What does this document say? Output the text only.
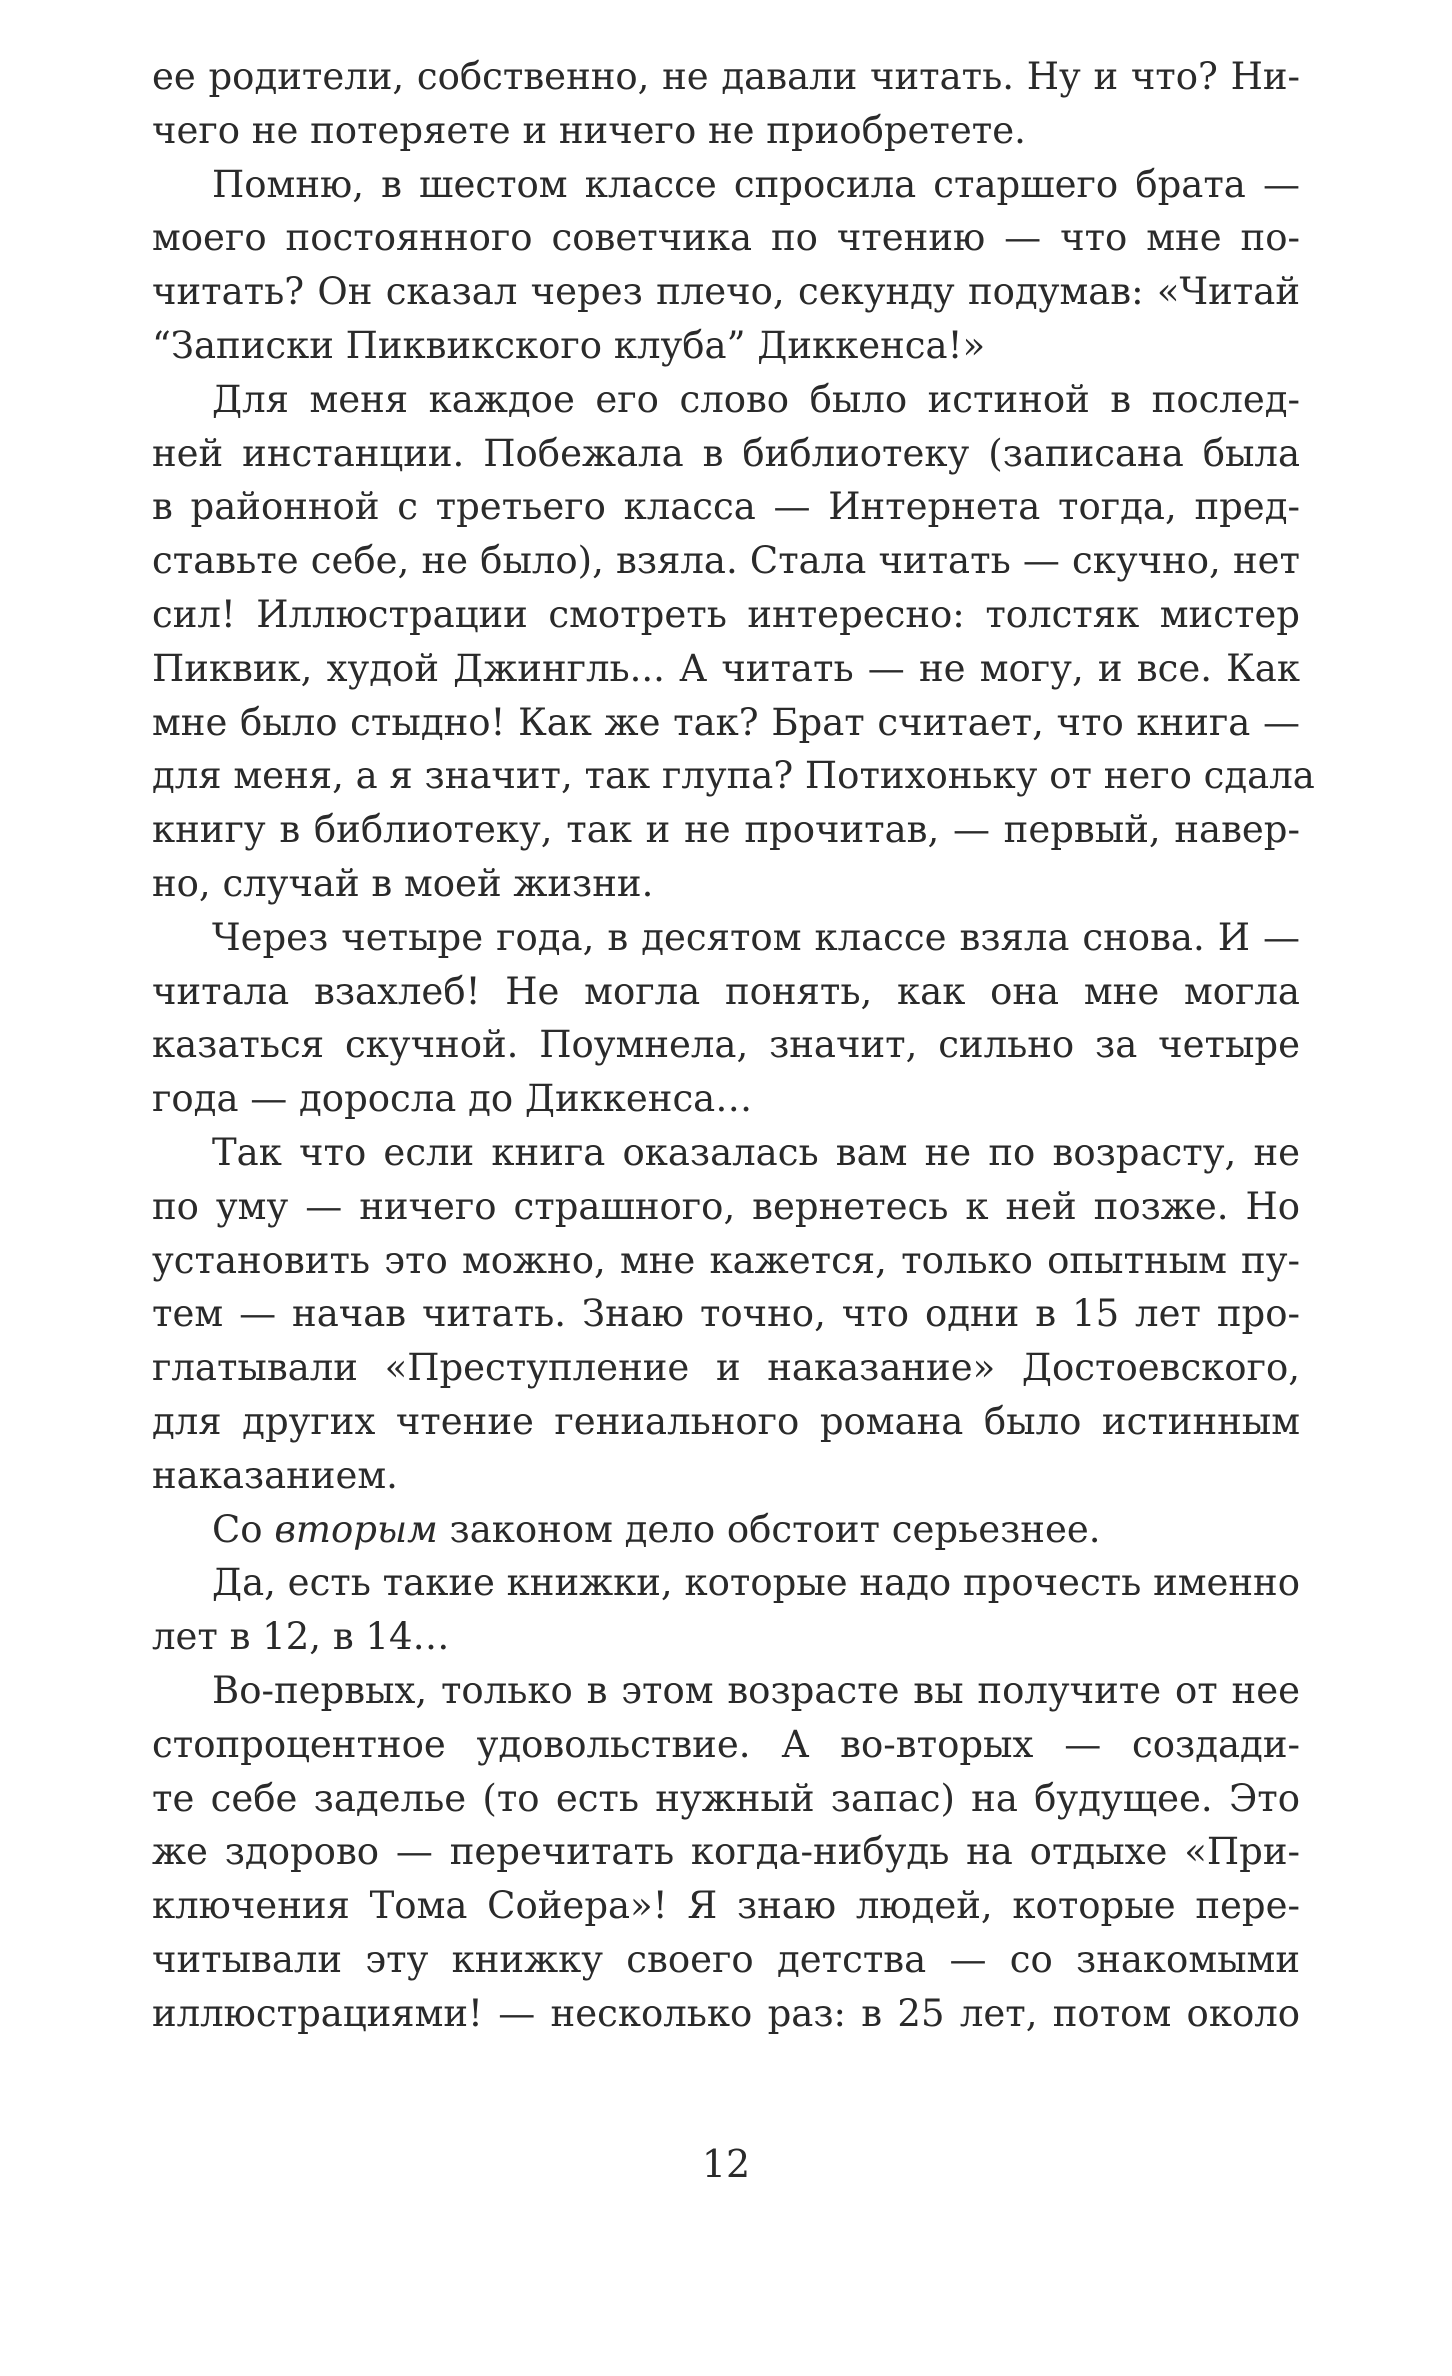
ее родители, собственно, не давали читать. Ну и что? Ни-
чего не потеряете и ничего не приобретете.
Помню, в шестом классе спросила старшего брата —
моего постоянного советчика по чтению — что мне по-
читать? Он сказал через плечо, секунду подумав: «Читай
“Записки Пиквикского клуба” Диккенса!»
Для меня каждое его слово было истиной в послед-
ней инстанции. Побежала в библиотеку (записана была
в районной с третьего класса — Интернета тогда, пред-
ставьте себе, не было), взяла. Стала читать — скучно, нет
сил! Иллюстрации смотреть интересно: толстяк мистер
Пиквик, худой Джингль... А читать — не могу, и все. Как
мне было стыдно! Как же так? Брат считает, что книга —
для меня, а я значит, так глупа? Потихоньку от него сдала
книгу в библиотеку, так и не прочитав, — первый, навер-
но, случай в моей жизни.
Через четыре года, в десятом классе взяла снова. И —
читала взахлеб! Не могла понять, как она мне могла
казаться скучной. Поумнела, значит, сильно за четыре
года — доросла до Диккенса…
Так что если книга оказалась вам не по возрасту, не
по уму — ничего страшного, вернетесь к ней позже. Но
установить это можно, мне кажется, только опытным пу-
тем — начав читать. Знаю точно, что одни в 15 лет про-
глатывали «Преступление и наказание» Достоевского,
для других чтение гениального романа было истинным
наказанием.
Со вторым законом дело обстоит серьезнее.
Да, есть такие книжки, которые надо прочесть именно
лет в 12, в 14…
Во-первых, только в этом возрасте вы получите от нее
стопроцентное удовольствие. А во-вторых — создади-
те себе заделье (то есть нужный запас) на будущее. Это
же здорово — перечитать когда-нибудь на отдыхе «При-
ключения Тома Сойера»! Я знаю людей, которые пере-
читывали эту книжку своего детства — со знакомыми
иллюстрациями! — несколько раз: в 25 лет, потом около
12
